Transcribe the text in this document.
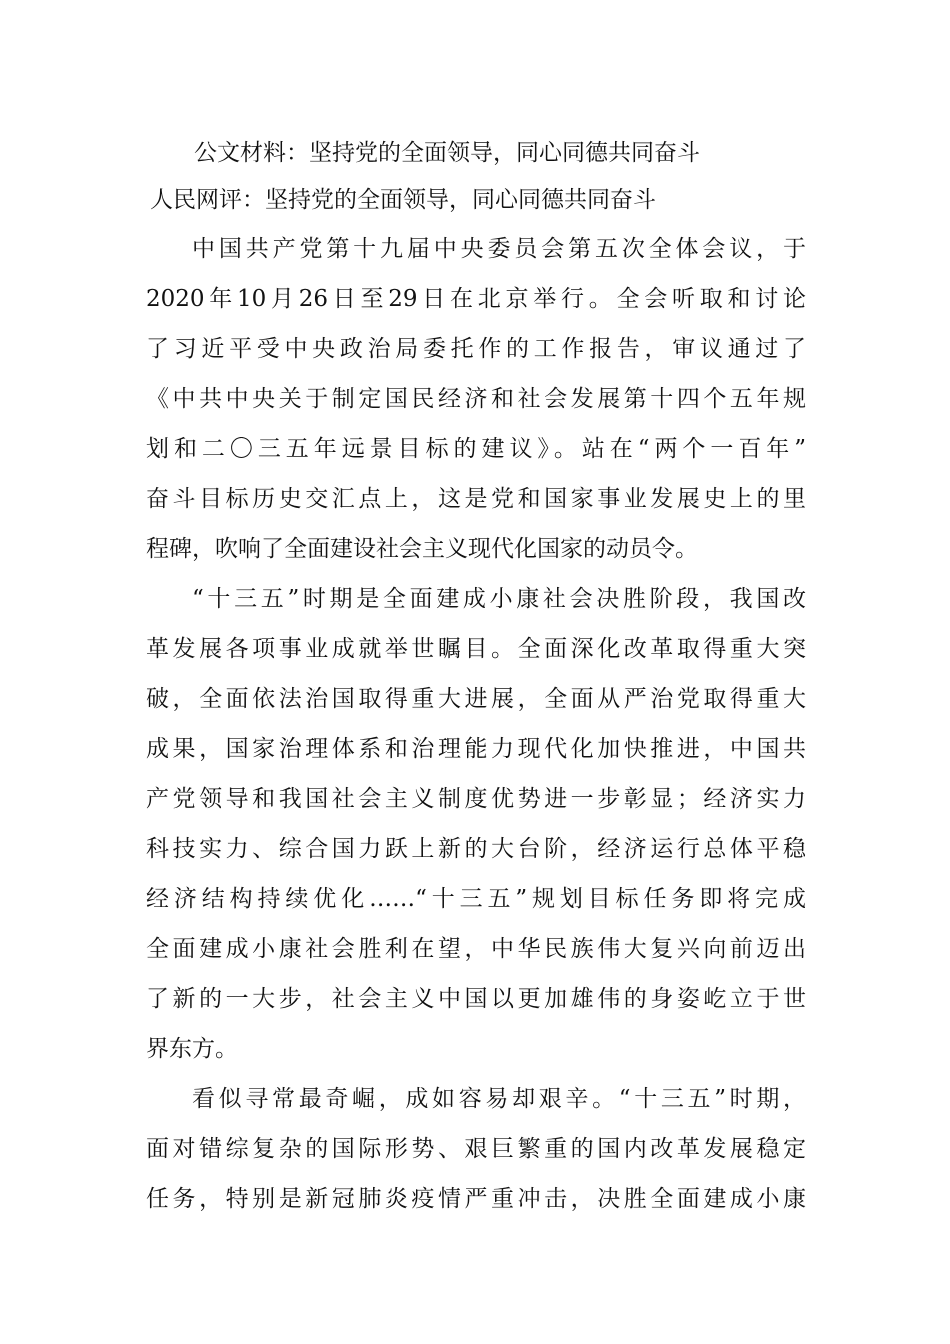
公文材料：坚持党的全面领导，同心同德共同奋斗
人民网评：坚持党的全面领导，同心同德共同奋斗

中国共产党第十九届中央委员会第五次全体会议，于
2020年10月26日至29日在北京举行。全会听取和讨论
了习近平受中央政治局委托作的工作报告，审议通过了
《中共中央关于制定国民经济和社会发展第十四个五年规
划和二〇三五年远景目标的建议》。站在“两个一百年”
奋斗目标历史交汇点上，这是党和国家事业发展史上的里
程碑，吹响了全面建设社会主义现代化国家的动员令。

“十三五”时期是全面建成小康社会决胜阶段，我国改
革发展各项事业成就举世瞩目。全面深化改革取得重大突
破，全面依法治国取得重大进展，全面从严治党取得重大
成果，国家治理体系和治理能力现代化加快推进，中国共
产党领导和我国社会主义制度优势进一步彰显；经济实力
科技实力、综合国力跃上新的大台阶，经济运行总体平稳
经济结构持续优化……“十三五”规划目标任务即将完成
全面建成小康社会胜利在望，中华民族伟大复兴向前迈出
了新的一大步，社会主义中国以更加雄伟的身姿屹立于世
界东方。

看似寻常最奇崛，成如容易却艰辛。“十三五”时期，
面对错综复杂的国际形势、艰巨繁重的国内改革发展稳定
任务，特别是新冠肺炎疫情严重冲击，决胜全面建成小康
